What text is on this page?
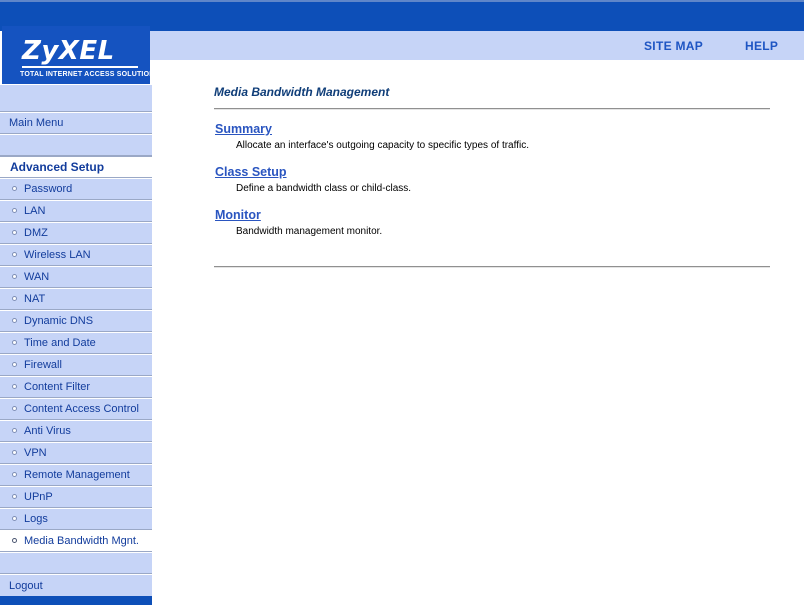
SITE MAP	HELP
ZyXEL
TOTAL INTERNET ACCESS SOLUTION
Main Menu
Advanced Setup
Password
LAN
DMZ
Wireless LAN
WAN
NAT
Dynamic DNS
Time and Date
Firewall
Content Filter
Content Access Control
Anti Virus
VPN
Remote Management
UPnP
Logs
Media Bandwidth Mgnt.
Logout
Media Bandwidth Management
Summary
Allocate an interface's outgoing capacity to specific types of traffic.
Class Setup
Define a bandwidth class or child-class.
Monitor
Bandwidth management monitor.
